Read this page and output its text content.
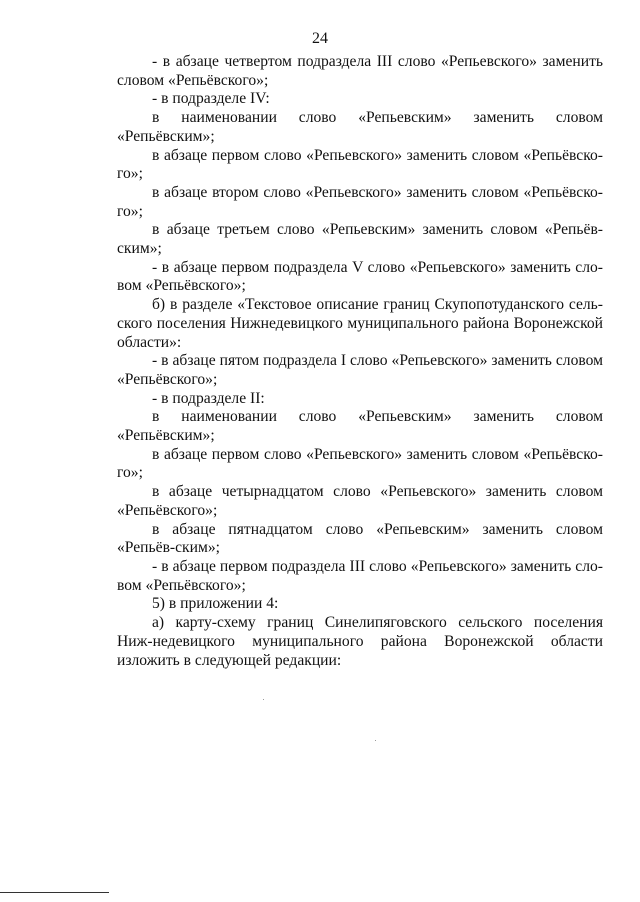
24

- в абзаце четвертом подраздела III слово «Репьевского» заменить словом «Репьёвского»;

- в подразделе IV:

в наименовании слово «Репьевским» заменить словом «Репьёвским»;

в абзаце первом слово «Репьевского» заменить словом «Репьёвско-го»;

в абзаце втором слово «Репьевского» заменить словом «Репьёвско-го»;

в абзаце третьем слово «Репьевским» заменить словом «Репьёв-ским»;

- в абзаце первом подраздела V слово «Репьевского» заменить сло-вом «Репьёвского»;

б) в разделе «Текстовое описание границ Скупопотуданского сель-ского поселения Нижнедевицкого муниципального района Воронежской области»:

- в абзаце пятом подраздела I слово «Репьевского» заменить словом «Репьёвского»;

- в подразделе II:

в наименовании слово «Репьевским» заменить словом «Репьёвским»;

в абзаце первом слово «Репьевского» заменить словом «Репьёвско-го»;

в абзаце четырнадцатом слово «Репьевского» заменить словом «Репьёвского»;

в абзаце пятнадцатом слово «Репьевским» заменить словом «Репьёв-ским»;

- в абзаце первом подраздела III слово «Репьевского» заменить сло-вом «Репьёвского»;

5) в приложении 4:

а) карту-схему границ Синелипяговского сельского поселения Ниж-недевицкого муниципального района Воронежской области изложить в следующей редакции:
